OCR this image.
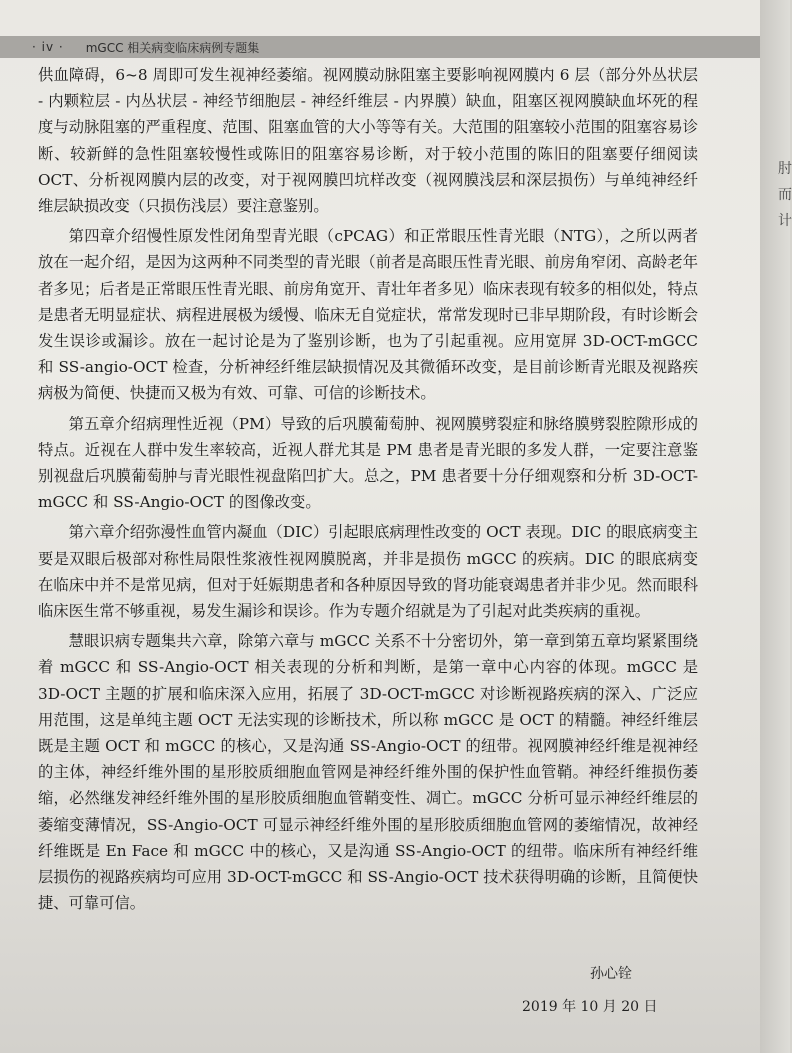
· iv · mGCC 相关病变临床病例专题集

供血障碍，6~8 周即可发生视神经萎缩。视网膜动脉阻塞主要影响视网膜内 6 层（部分外丛状层 - 内颗粒层 - 内丛状层 - 神经节细胞层 - 神经纤维层 - 内界膜）缺血，阻塞区视网膜缺血坏死的程度与动脉阻塞的严重程度、范围、阻塞血管的大小等等有关。大范围的阻塞较小范围的阻塞容易诊断、较新鲜的急性阻塞较慢性或陈旧的阻塞容易诊断，对于较小范围的陈旧的阻塞要仔细阅读 OCT、分析视网膜内层的改变，对于视网膜凹坑样改变（视网膜浅层和深层损伤）与单纯神经纤维层缺损改变（只损伤浅层）要注意鉴别。

第四章介绍慢性原发性闭角型青光眼（cPCAG）和正常眼压性青光眼（NTG），之所以两者放在一起介绍，是因为这两种不同类型的青光眼（前者是高眼压性青光眼、前房角窄闭、高龄老年者多见；后者是正常眼压性青光眼、前房角宽开、青壮年者多见）临床表现有较多的相似处，特点是患者无明显症状、病程进展极为缓慢、临床无自觉症状，常常发现时已非早期阶段，有时诊断会发生误诊或漏诊。放在一起讨论是为了鉴别诊断，也为了引起重视。应用宽屏 3D-OCT-mGCC 和 SS-angio-OCT 检查，分析神经纤维层缺损情况及其微循环改变，是目前诊断青光眼及视路疾病极为简便、快捷而又极为有效、可靠、可信的诊断技术。

第五章介绍病理性近视（PM）导致的后巩膜葡萄肿、视网膜劈裂症和脉络膜劈裂腔隙形成的特点。近视在人群中发生率较高，近视人群尤其是 PM 患者是青光眼的多发人群，一定要注意鉴别视盘后巩膜葡萄肿与青光眼性视盘陷凹扩大。总之，PM 患者要十分仔细观察和分析 3D-OCT-mGCC 和 SS-Angio-OCT 的图像改变。

第六章介绍弥漫性血管内凝血（DIC）引起眼底病理性改变的 OCT 表现。DIC 的眼底病变主要是双眼后极部对称性局限性浆液性视网膜脱离，并非是损伤 mGCC 的疾病。DIC 的眼底病变在临床中并不是常见病，但对于妊娠期患者和各种原因导致的肾功能衰竭患者并非少见。然而眼科临床医生常不够重视，易发生漏诊和误诊。作为专题介绍就是为了引起对此类疾病的重视。

慧眼识病专题集共六章，除第六章与 mGCC 关系不十分密切外，第一章到第五章均紧紧围绕着 mGCC 和 SS-Angio-OCT 相关表现的分析和判断，是第一章中心内容的体现。mGCC 是 3D-OCT 主题的扩展和临床深入应用，拓展了 3D-OCT-mGCC 对诊断视路疾病的深入、广泛应用范围，这是单纯主题 OCT 无法实现的诊断技术，所以称 mGCC 是 OCT 的精髓。神经纤维层既是主题 OCT 和 mGCC 的核心，又是沟通 SS-Angio-OCT 的纽带。视网膜神经纤维是视神经的主体，神经纤维外围的星形胶质细胞血管网是神经纤维外围的保护性血管鞘。神经纤维损伤萎缩，必然继发神经纤维外围的星形胶质细胞血管鞘变性、凋亡。mGCC 分析可显示神经纤维层的萎缩变薄情况，SS-Angio-OCT 可显示神经纤维外围的星形胶质细胞血管网的萎缩情况，故神经纤维既是 En Face 和 mGCC 中的核心，又是沟通 SS-Angio-OCT 的纽带。临床所有神经纤维层损伤的视路疾病均可应用 3D-OCT-mGCC 和 SS-Angio-OCT 技术获得明确的诊断，且简便快捷、可靠可信。

孙心铨
2019 年 10 月 20 日
肘
而
计
